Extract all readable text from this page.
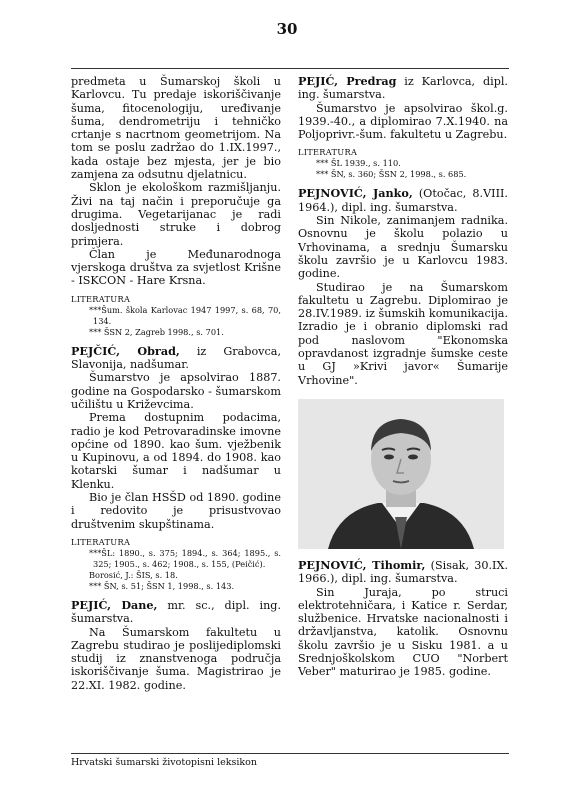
30

predmeta u Šumarskoj školi u Karlovcu. Tu predaje iskoriščivanje šuma, fitocenologiju, uređivanje šuma, dendrometriju i tehničko crtanje s nacrtnom geometrijom. Na tom se poslu zadržao do 1.IX.1997., kada ostaje bez mjesta, jer je bio zamjena za odsutnu djelatnicu.

Sklon je ekološkom razmišljanju. Živi na taj način i preporučuje ga drugima. Vegetarijanac je radi dosljednosti struke i dobrog primjera.

Član je Međunarodnoga vjerskoga društva za svjetlost Krišne - ISKCON - Hare Krsna.

LITERATURA

***Šum. škola Karlovac 1947 1997, s. 68, 70, 134.

*** ŠSN 2, Zagreb 1998., s. 701.

PEJČIĆ, Obrad, iz Grabovca, Slavonija, nadšumar.

Šumarstvo je apsolvirao 1887. godine na Gospodarsko - šumarskom učilištu u Križevcima.

Prema dostupnim podacima, radio je kod Petrovaradinske imovne općine od 1890. kao šum. vježbenik u Kupinovu, a od 1894. do 1908. kao kotarski šumar i nadšumar u Klenku.

Bio je član HSŠD od 1890. godine i redovito je prisustvovao društvenim skupštinama.

LITERATURA

***ŠL: 1890., s. 375; 1894., s. 364; 1895., s. 325; 1905., s. 462; 1908., s. 155, (Peičić).

Borosić, J.: ŠIS, s. 18.

*** ŠN, s. 51; ŠSN 1, 1998., s. 143.

PEJIĆ, Dane, mr. sc., dipl. ing. šumarstva.

Na Šumarskom fakultetu u Zagrebu studirao je poslijediplomski studij iz znanstvenoga područja iskoriščivanje šuma. Magistrirao je 22.XI. 1982. godine.

PEJIĆ, Predrag iz Karlovca, dipl. ing. šumarstva.

Šumarstvo je apsolvirao škol.g. 1939.-40., a diplomirao 7.X.1940. na Poljoprivr.-šum. fakultetu u Zagrebu.

LITERATURA

*** ŠL 1939., s. 110.

*** ŠN, s. 360; ŠSN 2, 1998., s. 685.

PEJNOVIĆ, Janko, (Otočac, 8.VIII. 1964.), dipl. ing. šumarstva.

Sin Nikole, zanimanjem radnika. Osnovnu je školu polazio u Vrhovinama, a srednju Šumarsku školu završio je u Karlovcu 1983. godine.

Studirao je na Šumarskom fakultetu u Zagrebu. Diplomirao je 28.IV.1989. iz šumskih komunikacija. Izradio je i obranio diplomski rad pod naslovom "Ekonomska opravdanost izgradnje šumske ceste u GJ »Krivi javor« Šumarije Vrhovine".

PEJNOVIĆ, Tihomir, (Sisak, 30.IX. 1966.), dipl. ing. šumarstva.

Sin Juraja, po struci elektrotehničara, i Katice r. Serdar, službenice. Hrvatske nacionalnosti i državljanstva, katolik. Osnovnu školu završio je u Sisku 1981. a u Srednjoškolskom CUO "Norbert Veber" maturirao je 1985. godine.

Hrvatski šumarski životopisni leksikon
